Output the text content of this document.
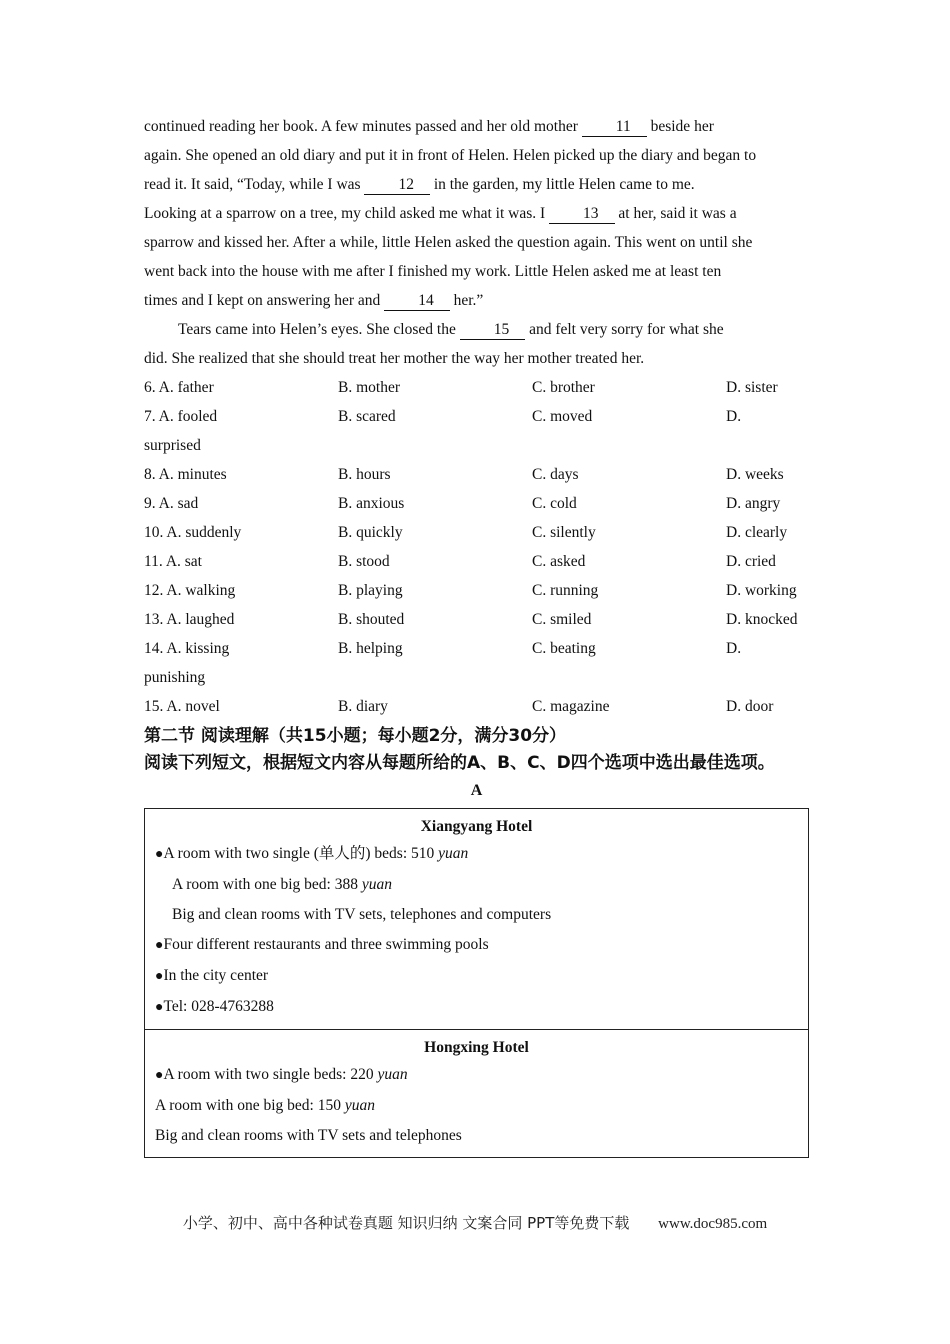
continued reading her book. A few minutes passed and her old mother 11 beside her
again. She opened an old diary and put it in front of Helen. Helen picked up the diary and began to
read it. It said, “Today, while I was 12 in the garden, my little Helen came to me.
Looking at a sparrow on a tree, my child asked me what it was. I 13 at her, said it was a
sparrow and kissed her. After a while, little Helen asked the question again. This went on until she
went back into the house with me after I finished my work. Little Helen asked me at least ten
times and I kept on answering her and 14 her.”
Tears came into Helen’s eyes. She closed the 15 and felt very sorry for what she
did. She realized that she should treat her mother the way her mother treated her.
6. A. father	B. mother	C. brother	D. sister
7. A. fooled	B. scared	C. moved	D.
surprised
8. A. minutes	B. hours	C. days	D. weeks
9. A. sad	B. anxious	C. cold	D. angry
10. A. suddenly	B. quickly	C. silently	D. clearly
11. A. sat	B. stood	C. asked	D. cried
12. A. walking	B. playing	C. running	D. working
13. A. laughed	B. shouted	C. smiled	D. knocked
14. A. kissing	B. helping	C. beating	D.
punishing
15. A. novel	B. diary	C. magazine	D. door
第二节 阅读理解（共15小题；每小题2分，满分30分）
阅读下列短文，根据短文内容从每题所给的A、B、C、D四个选项中选出最佳选项。
A
Xiangyang Hotel
●A room with two single (单人的) beds: 510 yuan
A room with one big bed: 388 yuan
Big and clean rooms with TV sets, telephones and computers
●Four different restaurants and three swimming pools
●In the city center
●Tel: 028-4763288
Hongxing Hotel
●A room with two single beds: 220 yuan
A room with one big bed: 150 yuan
Big and clean rooms with TV sets and telephones
小学、初中、高中各种试卷真题 知识归纳 文案合同 PPT等免费下载 www.doc985.com
